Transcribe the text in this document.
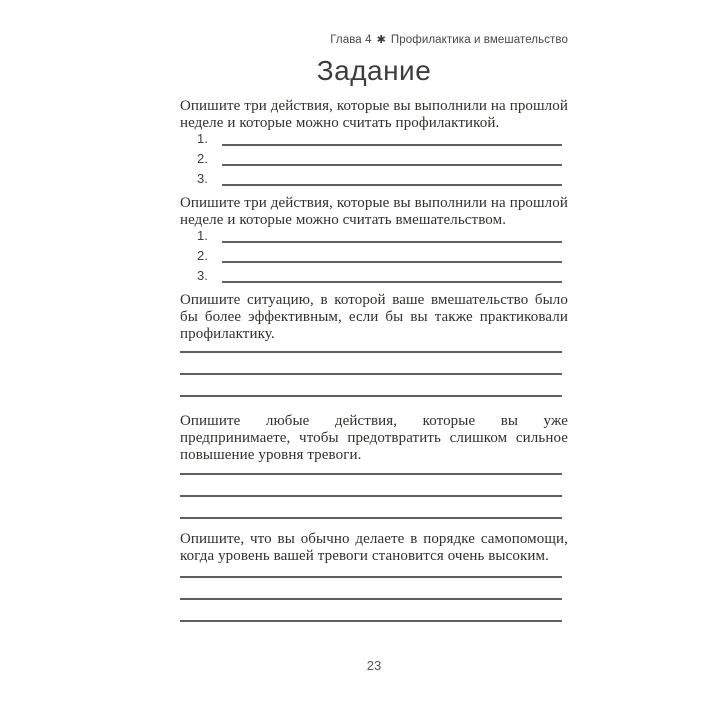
Глава 4 ✱ Профилактика и вмешательство
Задание
Опишите три действия, которые вы выполнили на прошлой неделе и которые можно считать профилактикой.
1.
2.
3.
Опишите три действия, которые вы выполнили на прошлой неделе и которые можно считать вмешательством.
1.
2.
3.
Опишите ситуацию, в которой ваше вмешательство было бы более эффективным, если бы вы также практиковали профилактику.
Опишите любые действия, которые вы уже предпринимаете, чтобы предотвратить слишком сильное повышение уровня тревоги.
Опишите, что вы обычно делаете в порядке самопомощи, когда уровень вашей тревоги становится очень высоким.
23
